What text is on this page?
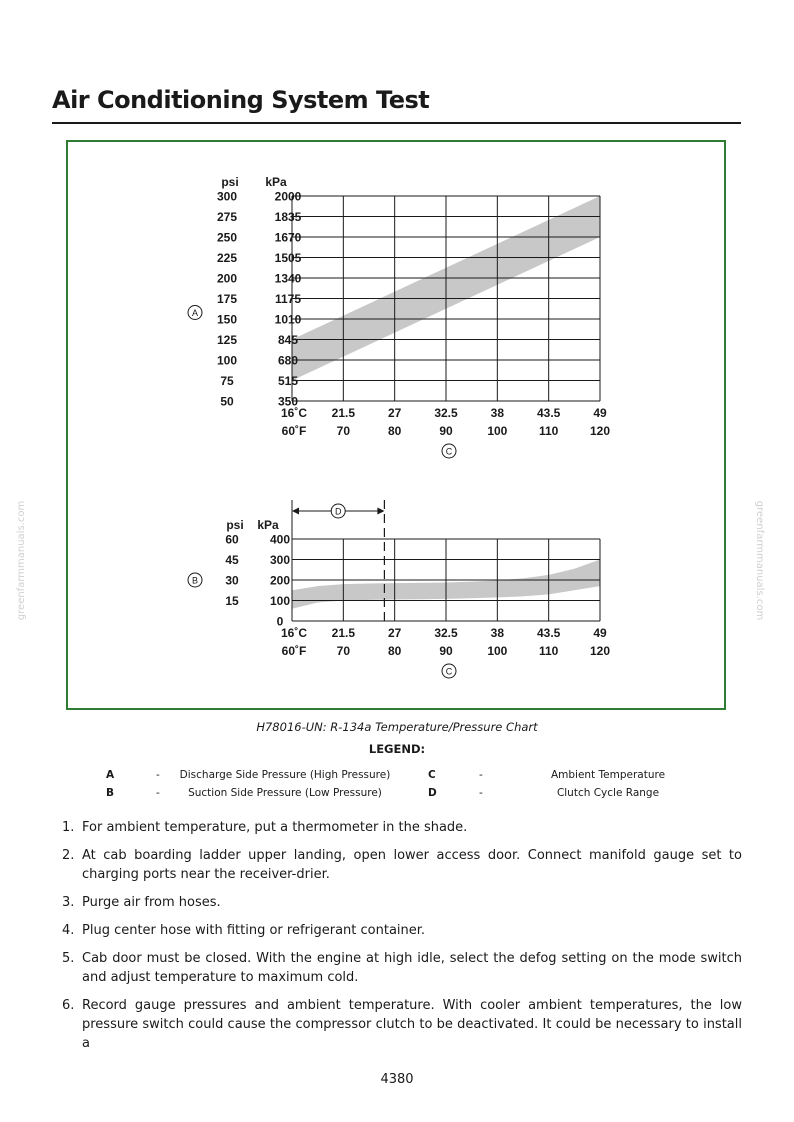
Air Conditioning System Test
greenfarmmanuals.com	greenfarmmanuals.com
2000
1835
1670
1505
1340
1175
1010
845
680
515
350
300
275
250
225
200
175
150
125
100
75
50
psi kPa
16˚C
60˚F
21.5
70
27
80
32.5
90
38
100
43.5
110
49
120
A
C
400
300
200
100
0
60
45
30
15
psi kPa
16˚C
60˚F
21.5
70
27
80
32.5
90
38
100
43.5
110
49
120
B
C
D
H78016-UN: R-134a Temperature/Pressure Chart
LEGEND:
A	-	Discharge Side Pressure (High Pressure)
B	-	Suction Side Pressure (Low Pressure)
C	-	Ambient Temperature
D	-	Clutch Cycle Range
1. For ambient temperature, put a thermometer in the shade.
2. At cab boarding ladder upper landing, open lower access door. Connect manifold gauge set to charging ports near the receiver-drier.
3. Purge air from hoses.
4. Plug center hose with fitting or refrigerant container.
5. Cab door must be closed. With the engine at high idle, select the defog setting on the mode switch and adjust temperature to maximum cold.
6. Record gauge pressures and ambient temperature. With cooler ambient temperatures, the low pressure switch could cause the compressor clutch to be deactivated. It could be necessary to install a
4380
